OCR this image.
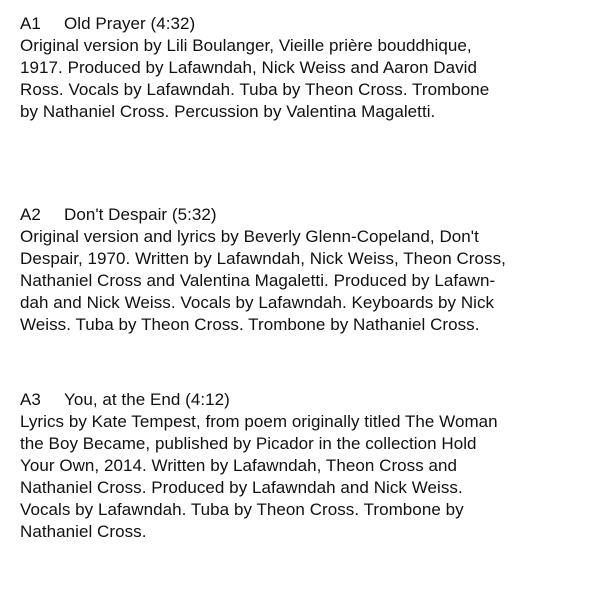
A1	Old Prayer (4:32)
Original version by Lili Boulanger, Vieille prière bouddhique,
1917. Produced by Lafawndah, Nick Weiss and Aaron David
Ross. Vocals by Lafawndah. Tuba by Theon Cross. Trombone
by Nathaniel Cross. Percussion by Valentina Magaletti.
A2	Don't Despair (5:32)
Original version and lyrics by Beverly Glenn-Copeland, Don't
Despair, 1970. Written by Lafawndah, Nick Weiss, Theon Cross,
Nathaniel Cross and Valentina Magaletti. Produced by Lafawn-
dah and Nick Weiss. Vocals by Lafawndah. Keyboards by Nick
Weiss. Tuba by Theon Cross. Trombone by Nathaniel Cross.
A3	You, at the End (4:12)
Lyrics by Kate Tempest, from poem originally titled The Woman
the Boy Became, published by Picador in the collection Hold
Your Own, 2014. Written by Lafawndah, Theon Cross and
Nathaniel Cross. Produced by Lafawndah and Nick Weiss.
Vocals by Lafawndah. Tuba by Theon Cross. Trombone by
Nathaniel Cross.
